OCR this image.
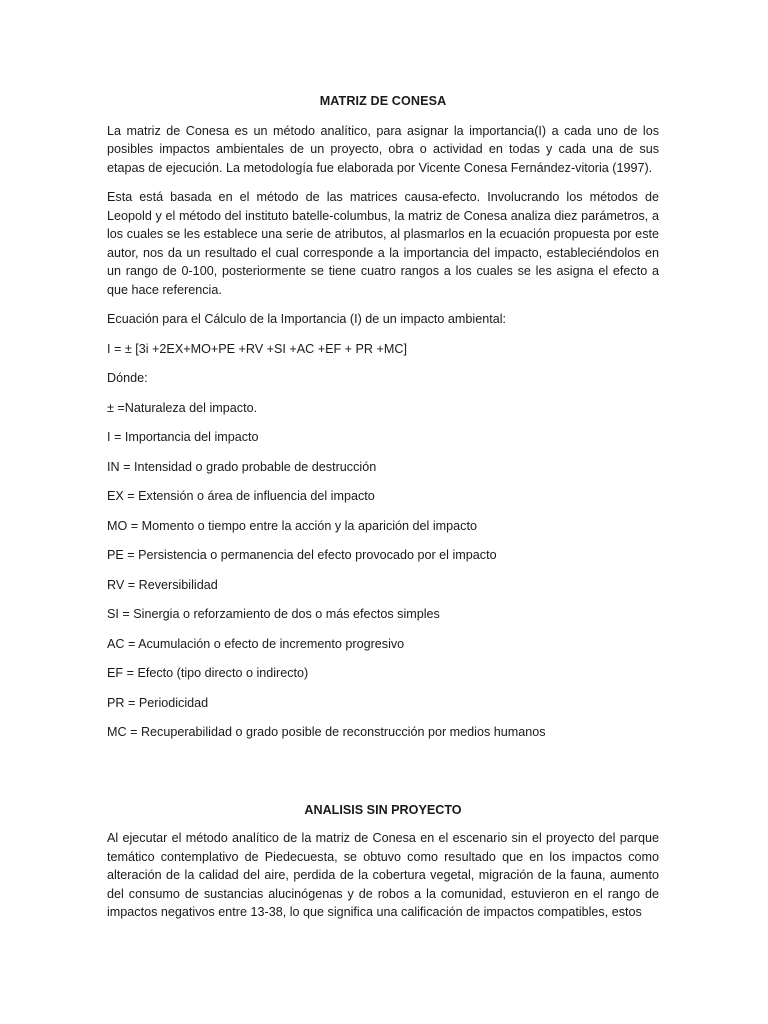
MATRIZ DE CONESA

La matriz de Conesa es un método analítico, para asignar la importancia(I) a cada uno de los posibles impactos ambientales de un proyecto, obra o actividad en todas y cada una de sus etapas de ejecución. La metodología fue elaborada por Vicente Conesa Fernández-vitoria (1997).

Esta está basada en el método de las matrices causa-efecto. Involucrando los métodos de Leopold y el método del instituto batelle-columbus, la matriz de Conesa analiza diez parámetros, a los cuales se les establece una serie de atributos, al plasmarlos en la ecuación propuesta por este autor, nos da un resultado el cual corresponde a la importancia del impacto, estableciéndolos en un rango de 0-100, posteriormente se tiene cuatro rangos a los cuales se les asigna el efecto a que hace referencia.

Ecuación para el Cálculo de la Importancia (I) de un impacto ambiental:
I = ± [3i +2EX+MO+PE +RV +SI +AC +EF + PR +MC]
Dónde:
± =Naturaleza del impacto.
I = Importancia del impacto
IN = Intensidad o grado probable de destrucción
EX = Extensión o área de influencia del impacto
MO = Momento o tiempo entre la acción y la aparición del impacto
PE = Persistencia o permanencia del efecto provocado por el impacto
RV = Reversibilidad
SI = Sinergia o reforzamiento de dos o más efectos simples
AC = Acumulación o efecto de incremento progresivo
EF = Efecto (tipo directo o indirecto)
PR = Periodicidad
MC = Recuperabilidad o grado posible de reconstrucción por medios humanos
ANALISIS SIN PROYECTO

Al ejecutar el método analítico de la matriz de Conesa en el escenario sin el proyecto del parque temático contemplativo de Piedecuesta, se obtuvo como resultado que en los impactos como alteración de la calidad del aire, perdida de la cobertura vegetal, migración de la fauna, aumento del consumo de sustancias alucinógenas y de robos a la comunidad, estuvieron en el rango de impactos negativos entre 13-38, lo que significa una calificación de impactos compatibles, estos
